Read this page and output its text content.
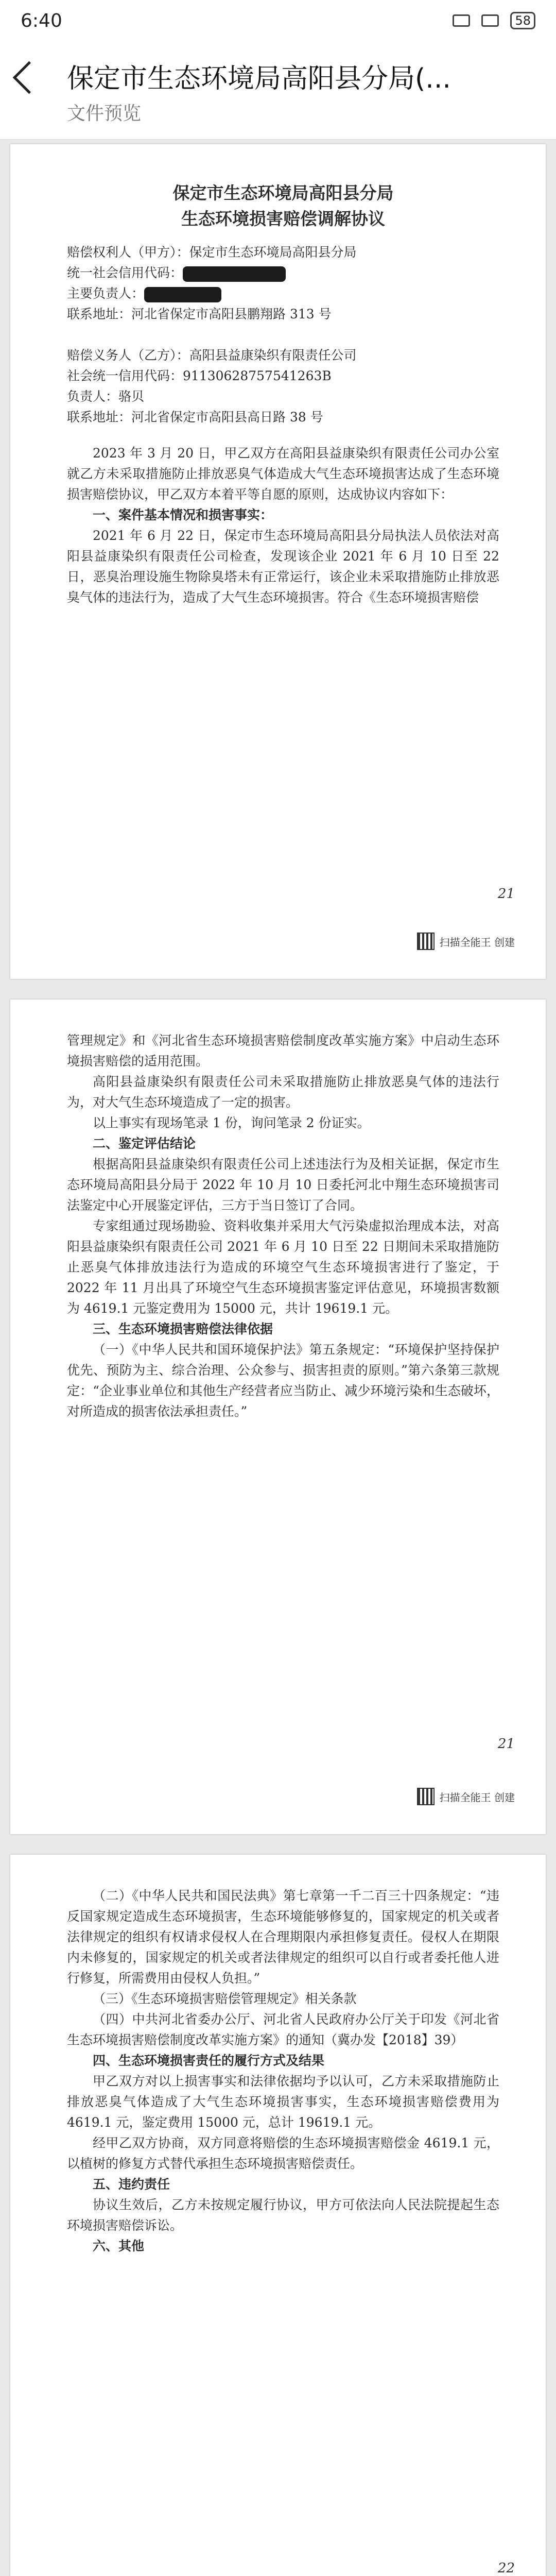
6:40	58
保定市生态环境局高阳县分局(...
文件预览
保定市生态环境局高阳县分局
生态环境损害赔偿调解协议
赔偿权利人（甲方）：保定市生态环境局高阳县分局
统一社会信用代码：
主要负责人：
联系地址：河北省保定市高阳县鹏翔路 313 号
赔偿义务人（乙方）：高阳县益康染织有限责任公司
社会统一信用代码：91130628757541263B
负责人：骆贝
联系地址：河北省保定市高阳县高日路 38 号
2023 年 3 月 20 日，甲乙双方在高阳县益康染织有限责任公司办公室就乙方未采取措施防止排放恶臭气体造成大气生态环境损害达成了生态环境损害赔偿协议，甲乙双方本着平等自愿的原则，达成协议内容如下：
一、案件基本情况和损害事实：
2021 年 6 月 22 日，保定市生态环境局高阳县分局执法人员依法对高阳县益康染织有限责任公司检查，发现该企业 2021 年 6 月 10 日至 22 日，恶臭治理设施生物除臭塔未有正常运行，该企业未采取措施防止排放恶臭气体的违法行为，造成了大气生态环境损害。符合《生态环境损害赔偿
21
扫描全能王 创建
管理规定》和《河北省生态环境损害赔偿制度改革实施方案》中启动生态环境损害赔偿的适用范围。
高阳县益康染织有限责任公司未采取措施防止排放恶臭气体的违法行为，对大气生态环境造成了一定的损害。
以上事实有现场笔录 1 份，询问笔录 2 份证实。
二、鉴定评估结论
根据高阳县益康染织有限责任公司上述违法行为及相关证据，保定市生态环境局高阳县分局于 2022 年 10 月 10 日委托河北中翔生态环境损害司法鉴定中心开展鉴定评估，三方于当日签订了合同。
专家组通过现场勘验、资料收集并采用大气污染虚拟治理成本法，对高阳县益康染织有限责任公司 2021 年 6 月 10 日至 22 日期间未采取措施防止恶臭气体排放违法行为造成的环境空气生态环境损害进行了鉴定，于 2022 年 11 月出具了环境空气生态环境损害鉴定评估意见，环境损害数额为 4619.1 元鉴定费用为 15000 元，共计 19619.1 元。
三、生态环境损害赔偿法律依据
（一）《中华人民共和国环境保护法》第五条规定：“环境保护坚持保护优先、预防为主、综合治理、公众参与、损害担责的原则。”第六条第三款规定：“企业事业单位和其他生产经营者应当防止、减少环境污染和生态破坏，对所造成的损害依法承担责任。”
21
扫描全能王 创建
（二）《中华人民共和国民法典》第七章第一千二百三十四条规定：“违反国家规定造成生态环境损害，生态环境能够修复的，国家规定的机关或者法律规定的组织有权请求侵权人在合理期限内承担修复责任。侵权人在期限内未修复的，国家规定的机关或者法律规定的组织可以自行或者委托他人进行修复，所需费用由侵权人负担。”
（三）《生态环境损害赔偿管理规定》相关条款
（四）中共河北省委办公厅、河北省人民政府办公厅关于印发《河北省生态环境损害赔偿制度改革实施方案》的通知（冀办发【2018】39）
四、生态环境损害责任的履行方式及结果
甲乙双方对以上损害事实和法律依据均予以认可，乙方未采取措施防止排放恶臭气体造成了大气生态环境损害事实，生态环境损害赔偿费用为 4619.1 元，鉴定费用 15000 元，总计 19619.1 元。
经甲乙双方协商，双方同意将赔偿的生态环境损害赔偿金 4619.1 元，以植树的修复方式替代承担生态环境损害赔偿责任。
五、违约责任
协议生效后，乙方未按规定履行协议，甲方可依法向人民法院提起生态环境损害赔偿诉讼。
六、其他
22
